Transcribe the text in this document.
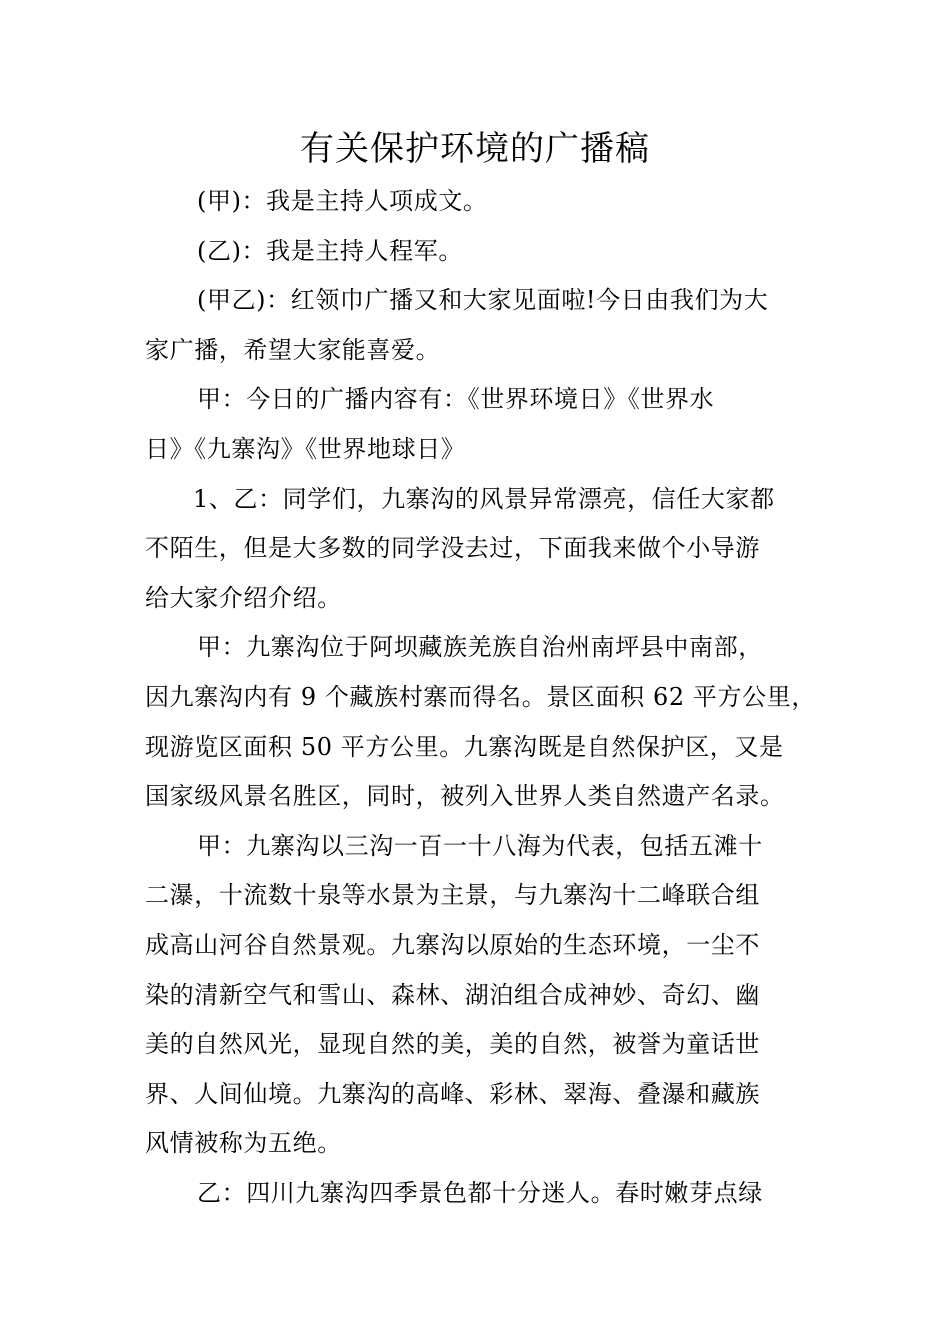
有关保护环境的广播稿
(甲)：我是主持人项成文。
(乙)：我是主持人程军。
(甲乙)：红领巾广播又和大家见面啦!今日由我们为大
家广播，希望大家能喜爱。
甲：今日的广播内容有：《世界环境日》《世界水
日》《九寨沟》《世界地球日》
1、乙：同学们，九寨沟的风景异常漂亮，信任大家都
不陌生，但是大多数的同学没去过，下面我来做个小导游
给大家介绍介绍。
甲：九寨沟位于阿坝藏族羌族自治州南坪县中南部，
因九寨沟内有 9 个藏族村寨而得名。景区面积 62 平方公里，
现游览区面积 50 平方公里。九寨沟既是自然保护区，又是
国家级风景名胜区，同时，被列入世界人类自然遗产名录。
甲：九寨沟以三沟一百一十八海为代表，包括五滩十
二瀑，十流数十泉等水景为主景，与九寨沟十二峰联合组
成高山河谷自然景观。九寨沟以原始的生态环境，一尘不
染的清新空气和雪山、森林、湖泊组合成神妙、奇幻、幽
美的自然风光，显现自然的美，美的自然，被誉为童话世
界、人间仙境。九寨沟的高峰、彩林、翠海、叠瀑和藏族
风情被称为五绝。
乙：四川九寨沟四季景色都十分迷人。春时嫩芽点绿
